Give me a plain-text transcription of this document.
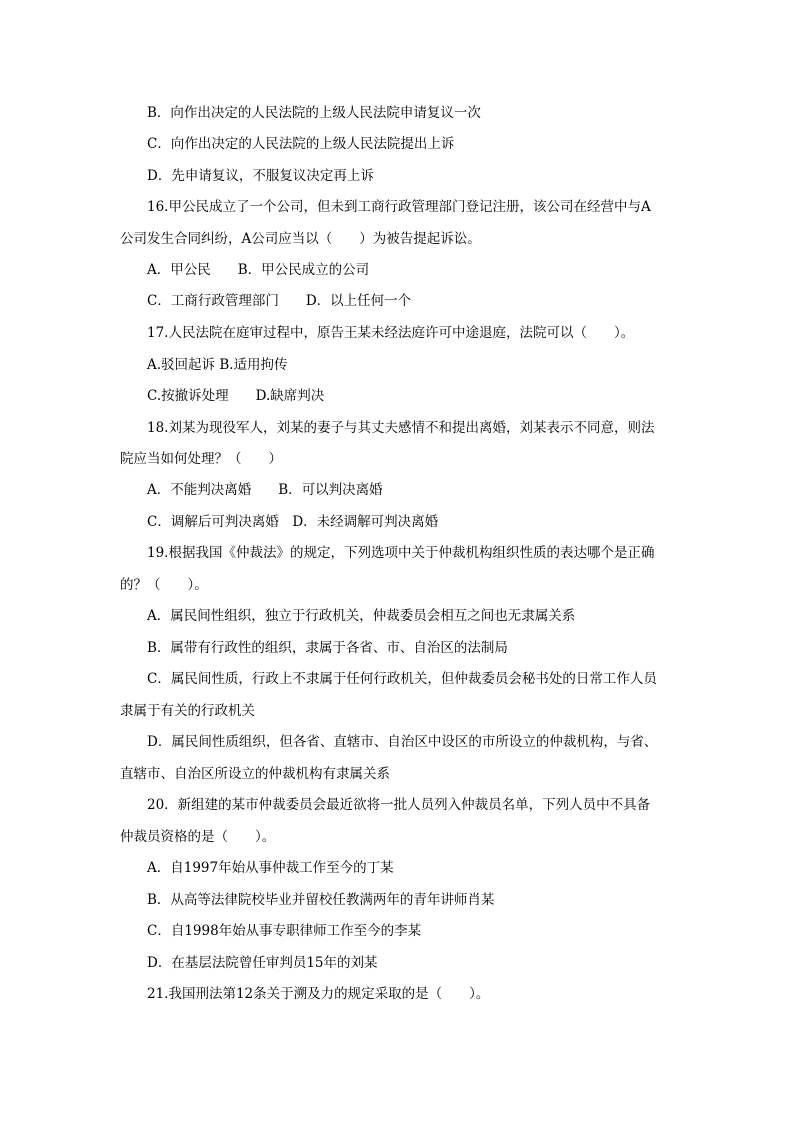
B．向作出决定的人民法院的上级人民法院申请复议一次
C．向作出决定的人民法院的上级人民法院提出上诉
D．先申请复议，不服复议决定再上诉
16.甲公民成立了一个公司，但未到工商行政管理部门登记注册，该公司在经营中与A
公司发生合同纠纷，A公司应当以（　　）为被告提起诉讼。
A．甲公民　　B．甲公民成立的公司
C．工商行政管理部门　　D．以上任何一个
17.人民法院在庭审过程中，原告王某未经法庭许可中途退庭，法院可以（　　）。
A.驳回起诉 B.适用拘传
C.按撤诉处理　　D.缺席判决
18.刘某为现役军人，刘某的妻子与其丈夫感情不和提出离婚，刘某表示不同意，则法
院应当如何处理？（　　）
A．不能判决离婚　　B．可以判决离婚
C．调解后可判决离婚　D．未经调解可判决离婚
19.根据我国《仲裁法》的规定，下列选项中关于仲裁机构组织性质的表达哪个是正确
的？（　　）。
A．属民间性组织，独立于行政机关，仲裁委员会相互之间也无隶属关系
B．属带有行政性的组织，隶属于各省、市、自治区的法制局
C．属民间性质，行政上不隶属于任何行政机关，但仲裁委员会秘书处的日常工作人员
隶属于有关的行政机关
D．属民间性质组织，但各省、直辖市、自治区中设区的市所设立的仲裁机构，与省、
直辖市、自治区所设立的仲裁机构有隶属关系
20．新组建的某市仲裁委员会最近欲将一批人员列入仲裁员名单，下列人员中不具备
仲裁员资格的是（　　）。
A．自1997年始从事仲裁工作至今的丁某
B．从高等法律院校毕业并留校任教满两年的青年讲师肖某
C．自1998年始从事专职律师工作至今的李某
D．在基层法院曾任审判员15年的刘某
21.我国刑法第12条关于溯及力的规定采取的是（　　）。
